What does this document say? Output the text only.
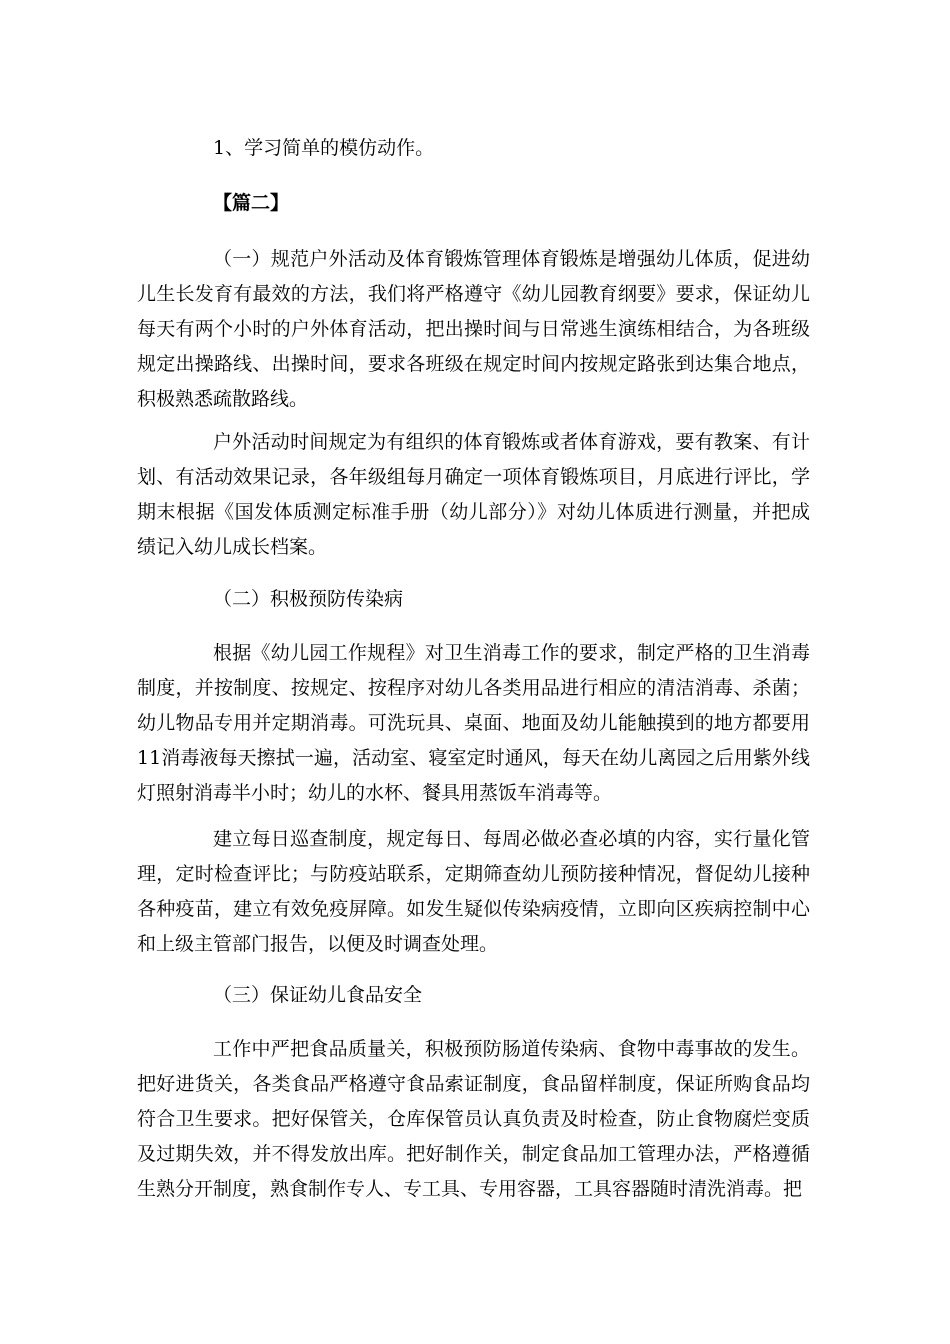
1、学习简单的模仿动作。

【篇二】

（一）规范户外活动及体育锻炼管理体育锻炼是增强幼儿体质，促进幼儿生长发育有最效的方法，我们将严格遵守《幼儿园教育纲要》要求，保证幼儿每天有两个小时的户外体育活动，把出操时间与日常逃生演练相结合，为各班级规定出操路线、出操时间，要求各班级在规定时间内按规定路张到达集合地点，积极熟悉疏散路线。

户外活动时间规定为有组织的体育锻炼或者体育游戏，要有教案、有计划、有活动效果记录，各年级组每月确定一项体育锻炼项目，月底进行评比，学期末根据《国发体质测定标准手册（幼儿部分）》对幼儿体质进行测量，并把成绩记入幼儿成长档案。

（二）积极预防传染病

根据《幼儿园工作规程》对卫生消毒工作的要求，制定严格的卫生消毒制度，并按制度、按规定、按程序对幼儿各类用品进行相应的清洁消毒、杀菌；幼儿物品专用并定期消毒。可洗玩具、桌面、地面及幼儿能触摸到的地方都要用11消毒液每天擦拭一遍，活动室、寝室定时通风，每天在幼儿离园之后用紫外线灯照射消毒半小时；幼儿的水杯、餐具用蒸饭车消毒等。

建立每日巡查制度，规定每日、每周必做必查必填的内容，实行量化管理，定时检查评比；与防疫站联系，定期筛查幼儿预防接种情况，督促幼儿接种各种疫苗，建立有效免疫屏障。如发生疑似传染病疫情，立即向区疾病控制中心和上级主管部门报告，以便及时调查处理。

（三）保证幼儿食品安全

工作中严把食品质量关，积极预防肠道传染病、食物中毒事故的发生。把好进货关，各类食品严格遵守食品索证制度，食品留样制度，保证所购食品均符合卫生要求。把好保管关，仓库保管员认真负责及时检查，防止食物腐烂变质及过期失效，并不得发放出库。把好制作关，制定食品加工管理办法，严格遵循生熟分开制度，熟食制作专人、专工具、专用容器，工具容器随时清洗消毒。把
